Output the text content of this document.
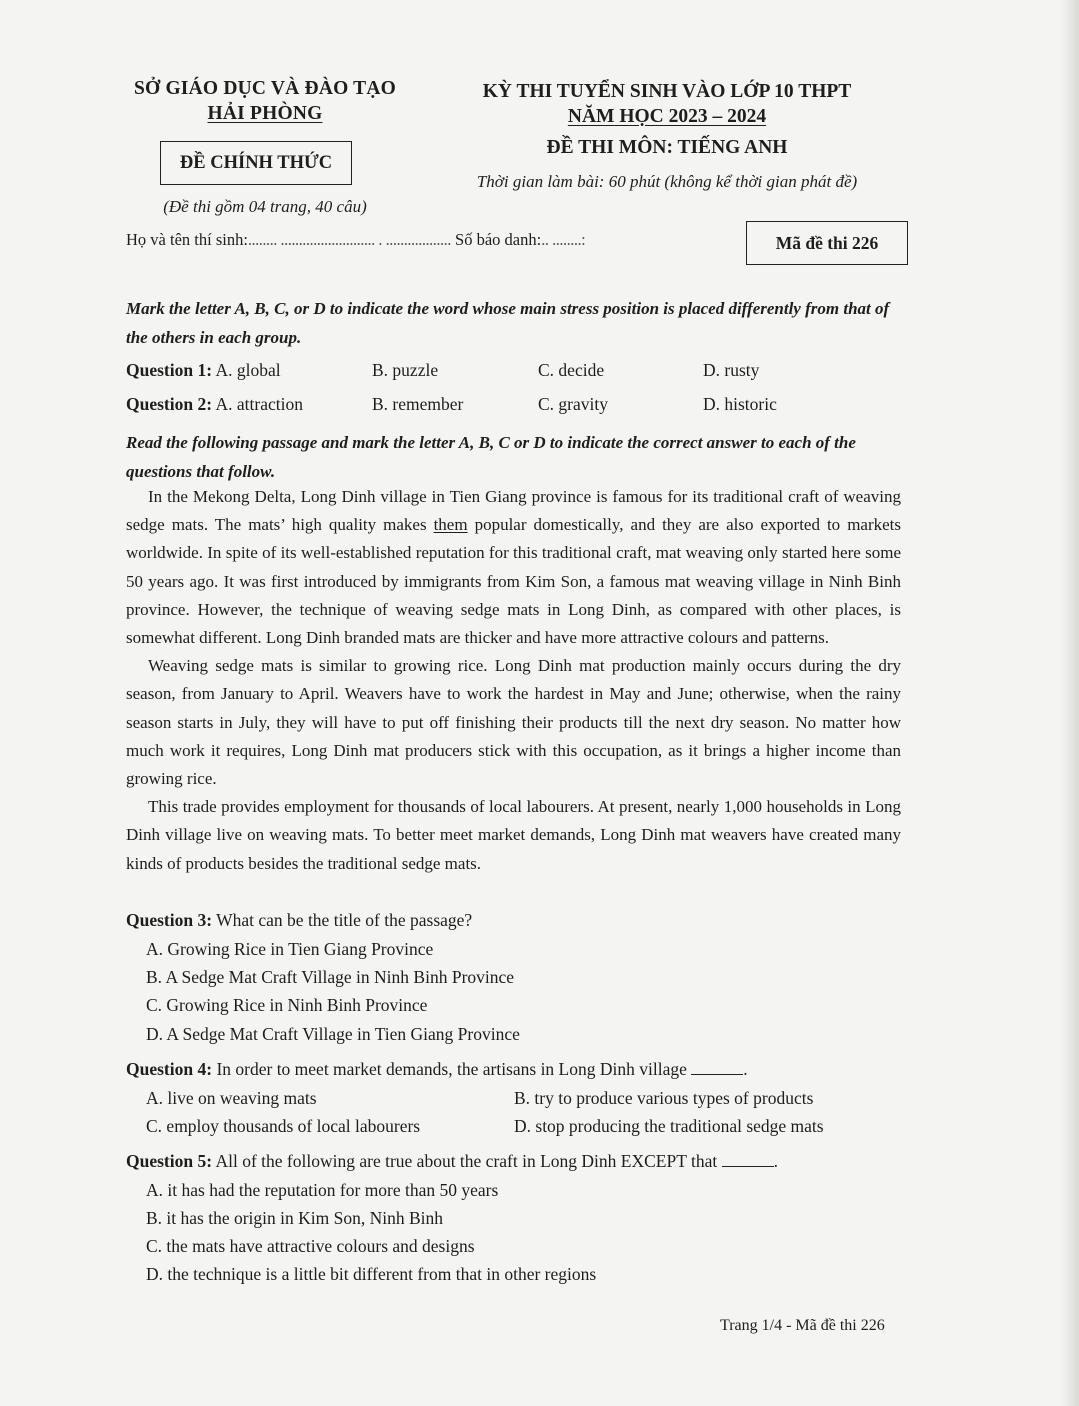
SỞ GIÁO DỤC VÀ ĐÀO TẠO
HẢI PHÒNG
ĐỀ CHÍNH THỨC
(Đề thi gồm 04 trang, 40 câu)
KỲ THI TUYỂN SINH VÀO LỚP 10 THPT
NĂM HỌC 2023 – 2024
ĐỀ THI MÔN: TIẾNG ANH
Thời gian làm bài: 60 phút (không kể thời gian phát đề)
Họ và tên thí sinh:........ .......................... . .................. Số báo danh:.. ........:	Mã đề thi 226
Mark the letter A, B, C, or D to indicate the word whose main stress position is placed differently from that of the others in each group.
Question 1: A. global	B. puzzle	C. decide	D. rusty
Question 2: A. attraction	B. remember	C. gravity	D. historic
Read the following passage and mark the letter A, B, C or D to indicate the correct answer to each of the questions that follow.

In the Mekong Delta, Long Dinh village in Tien Giang province is famous for its traditional craft of weaving sedge mats. The mats’ high quality makes them popular domestically, and they are also exported to markets worldwide. In spite of its well-established reputation for this traditional craft, mat weaving only started here some 50 years ago. It was first introduced by immigrants from Kim Son, a famous mat weaving village in Ninh Binh province. However, the technique of weaving sedge mats in Long Dinh, as compared with other places, is somewhat different. Long Dinh branded mats are thicker and have more attractive colours and patterns.

Weaving sedge mats is similar to growing rice. Long Dinh mat production mainly occurs during the dry season, from January to April. Weavers have to work the hardest in May and June; otherwise, when the rainy season starts in July, they will have to put off finishing their products till the next dry season. No matter how much work it requires, Long Dinh mat producers stick with this occupation, as it brings a higher income than growing rice.

This trade provides employment for thousands of local labourers. At present, nearly 1,000 households in Long Dinh village live on weaving mats. To better meet market demands, Long Dinh mat weavers have created many kinds of products besides the traditional sedge mats.

Question 3: What can be the title of the passage?
A. Growing Rice in Tien Giang Province
B. A Sedge Mat Craft Village in Ninh Binh Province
C. Growing Rice in Ninh Binh Province
D. A Sedge Mat Craft Village in Tien Giang Province
Question 4: In order to meet market demands, the artisans in Long Dinh village	.
A. live on weaving mats	B. try to produce various types of products
C. employ thousands of local labourers	D. stop producing the traditional sedge mats
Question 5: All of the following are true about the craft in Long Dinh EXCEPT that	.
A. it has had the reputation for more than 50 years
B. it has the origin in Kim Son, Ninh Binh
C. the mats have attractive colours and designs
D. the technique is a little bit different from that in other regions
Trang 1/4 - Mã đề thi 226
